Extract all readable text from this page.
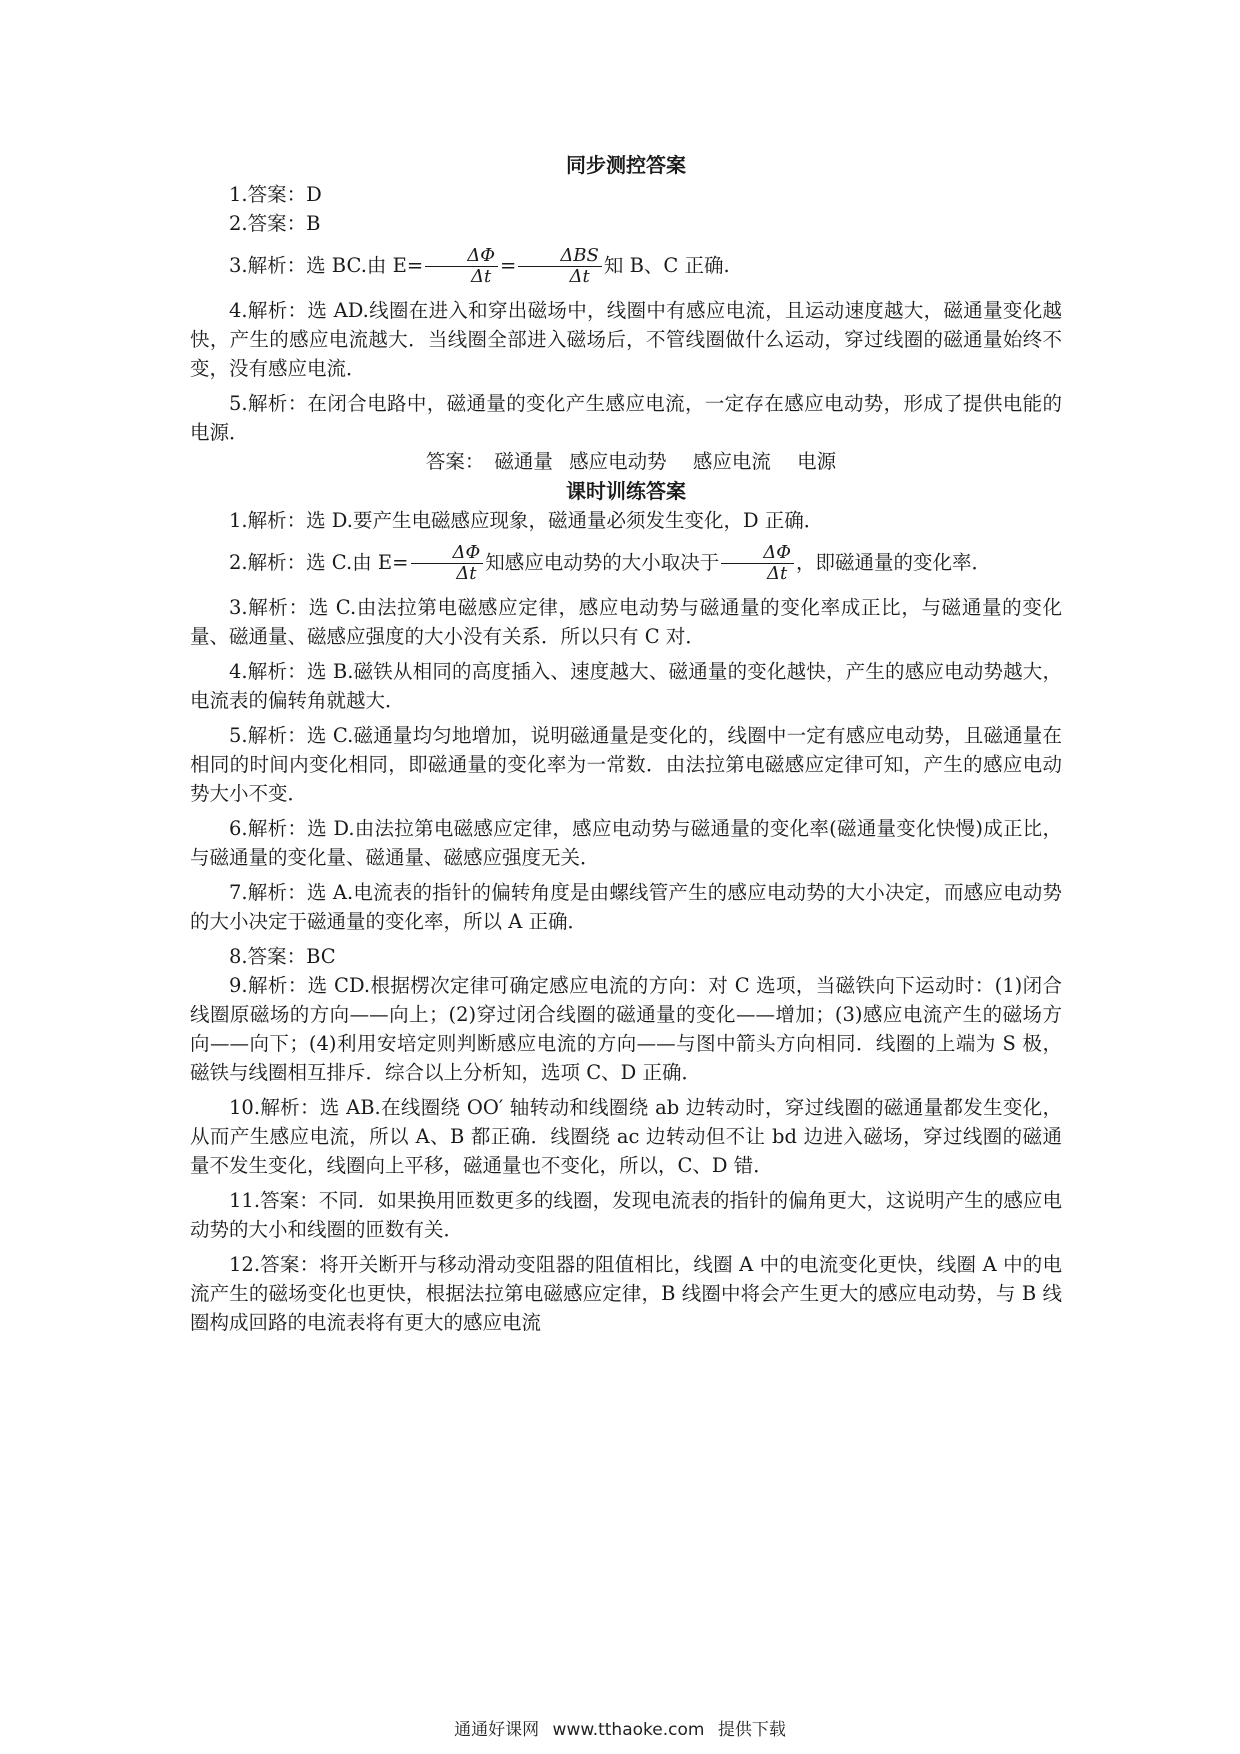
同步测控答案

1.答案：D

2.答案：B

3.解析：选 BC.由 $E= \frac{\Delta\Phi}{\Delta t} = \frac{\text{ΔBS}}{\Delta t}$ 知 B、C 正确.

4.解析：选 AD.线圈在进入和穿出磁场中，线圈中有感应电流，且运动速度越大，磁通量变化越快，产生的感应电流越大．当线圈全部进入磁场后，不管线圈做什么运动，穿过线圈的磁通量始终不变，没有感应电流．

5.解析：在闭合电路中，磁通量的变化产生感应电流，一定存在感应电动势，形成了提供电能的电源．

答案： 磁通量 感应电动势 感应电流 电源

课时训练答案

1.解析：选 D.要产生电磁感应现象，磁通量必须发生变化，D 正确．

2.解析：选 C.由 $E= \frac{\Delta\Phi}{\Delta t}$ 知感应电动势的大小取决于 $\frac{\Delta\Phi}{\Delta t}$ ，即磁通量的变化率．

3.解析：选 C.由法拉第电磁感应定律，感应电动势与磁通量的变化率成正比，与磁通量的变化量、磁通量、磁感应强度的大小没有关系．所以只有 C 对．

4.解析：选 B.磁铁从相同的高度插入、速度越大、磁通量的变化越快，产生的感应电动势越大，电流表的偏转角就越大．

5.解析：选 C.磁通量均匀地增加，说明磁通量是变化的，线圈中一定有感应电动势，且磁通量在相同的时间内变化相同，即磁通量的变化率为一常数．由法拉第电磁感应定律可知，产生的感应电动势大小不变．

6.解析：选 D.由法拉第电磁感应定律，感应电动势与磁通量的变化率(磁通量变化快慢)成正比，与磁通量的变化量、磁通量、磁感应强度无关．

7.解析：选 A.电流表的指针的偏转角度是由螺线管产生的感应电动势的大小决定，而感应电动势的大小决定于磁通量的变化率，所以 A 正确．

8.答案：BC

9.解析：选 CD.根据楞次定律可确定感应电流的方向：对 C 选项，当磁铁向下运动时：(1)闭合线圈原磁场的方向——向上；(2)穿过闭合线圈的磁通量的变化——增加；(3)感应电流产生的磁场方向——向下；(4)利用安培定则判断感应电流的方向——与图中箭头方向相同．线圈的上端为 S 极，磁铁与线圈相互排斥．综合以上分析知，选项 C、D 正确．

10.解析：选 AB.在线圈绕 OO′ 轴转动和线圈绕 ab 边转动时，穿过线圈的磁通量都发生变化，从而产生感应电流，所以 A、B 都正确．线圈绕 ac 边转动但不让 bd 边进入磁场，穿过线圈的磁通量不发生变化，线圈向上平移，磁通量也不变化，所以，C、D 错．

11.答案：不同．如果换用匝数更多的线圈，发现电流表的指针的偏角更大，这说明产生的感应电动势的大小和线圈的匝数有关．

12.答案：将开关断开与移动滑动变阻器的阻值相比，线圈 A 中的电流变化更快，线圈 A 中的电流产生的磁场变化也更快，根据法拉第电磁感应定律，B 线圈中将会产生更大的感应电动势，与 B 线圈构成回路的电流表将有更大的感应电流

通通好课网 www.tthaoke.com 提供下载
